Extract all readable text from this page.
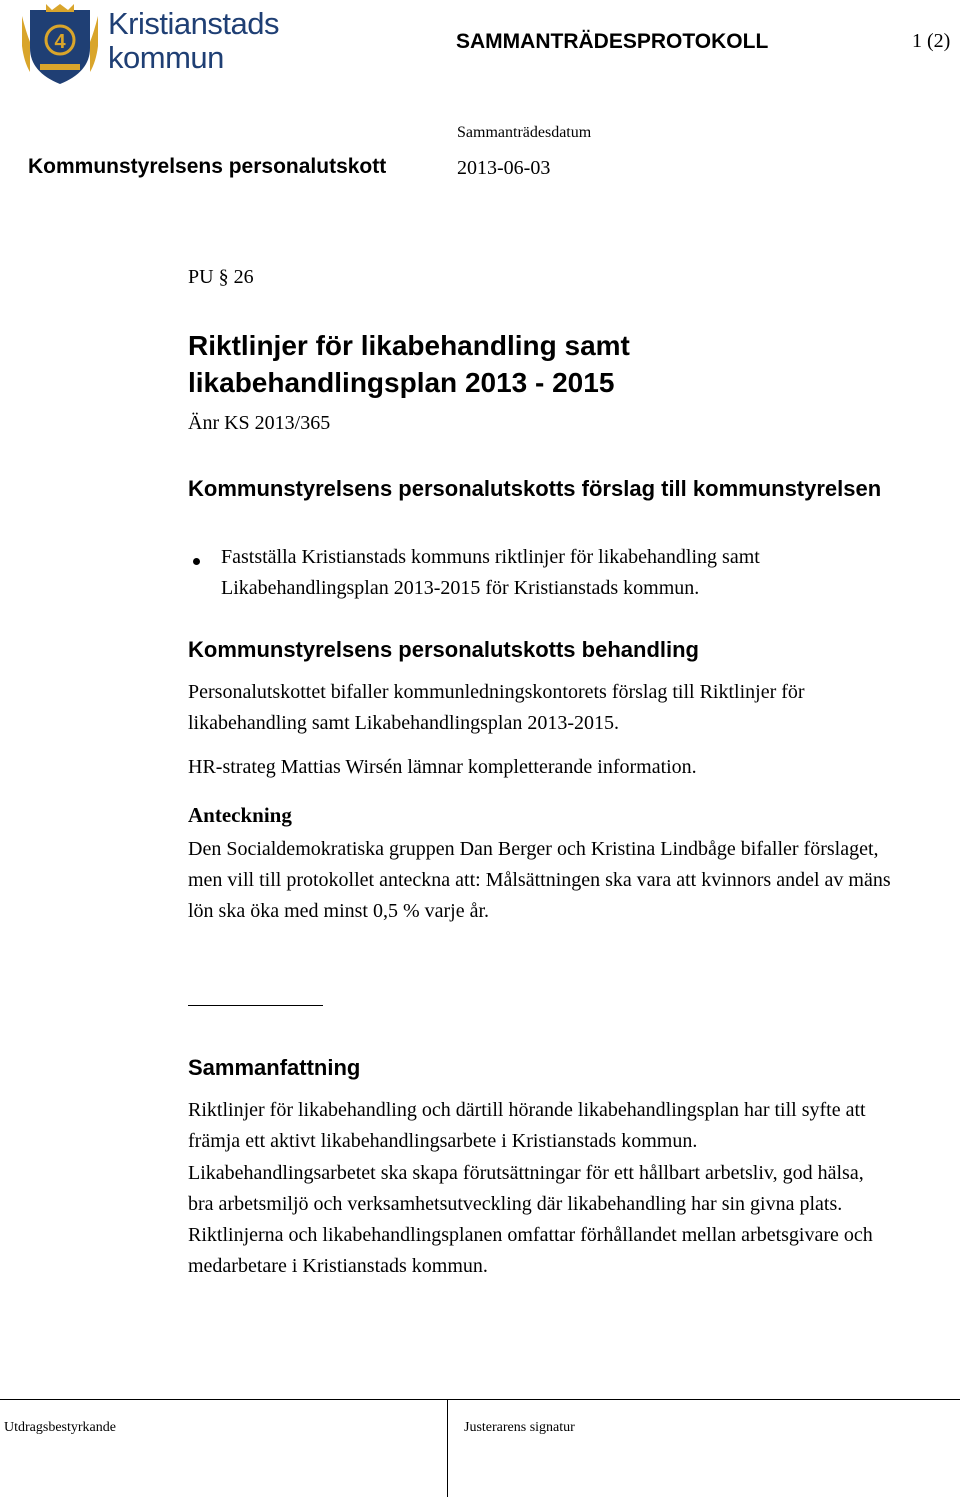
4
Kristianstads
kommun	SAMMANTRÄDESPROTOKOLL	1 (2)
Sammanträdesdatum
Kommunstyrelsens personalutskott	2013-06-03
PU § 26
Riktlinjer för likabehandling samt likabehandlingsplan 2013 - 2015
Änr KS 2013/365
Kommunstyrelsens personalutskotts förslag till kommunstyrelsen
Fastställa Kristianstads kommuns riktlinjer för likabehandling samt Likabehandlingsplan 2013-2015 för Kristianstads kommun.
Kommunstyrelsens personalutskotts behandling
Personalutskottet bifaller kommunledningskontorets förslag till Riktlinjer för likabehandling samt Likabehandlingsplan 2013-2015.
HR-strateg Mattias Wirsén lämnar kompletterande information.
Anteckning
Den Socialdemokratiska gruppen Dan Berger och Kristina Lindbåge bifaller förslaget, men vill till protokollet anteckna att: Målsättningen ska vara att kvinnors andel av mäns lön ska öka med minst 0,5 % varje år.
Sammanfattning
Riktlinjer för likabehandling och därtill hörande likabehandlingsplan har till syfte att främja ett aktivt likabehandlingsarbete i Kristianstads kommun. Likabehandlingsarbetet ska skapa förutsättningar för ett hållbart arbetsliv, god hälsa, bra arbetsmiljö och verksamhetsutveckling där likabehandling har sin givna plats. Riktlinjerna och likabehandlingsplanen omfattar förhållandet mellan arbetsgivare och medarbetare i Kristianstads kommun.
Utdragsbestyrkande	Justerarens signatur
